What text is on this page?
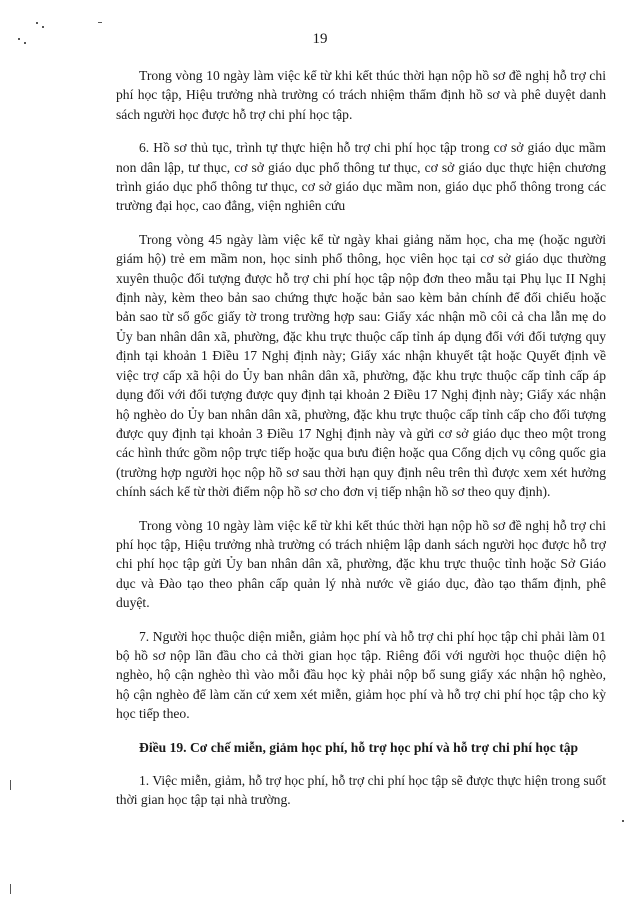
19

Trong vòng 10 ngày làm việc kể từ khi kết thúc thời hạn nộp hồ sơ đề nghị hỗ trợ chi phí học tập, Hiệu trưởng nhà trường có trách nhiệm thẩm định hồ sơ và phê duyệt danh sách người học được hỗ trợ chi phí học tập.

6. Hồ sơ thủ tục, trình tự thực hiện hỗ trợ chi phí học tập trong cơ sở giáo dục mầm non dân lập, tư thục, cơ sở giáo dục phổ thông tư thục, cơ sở giáo dục thực hiện chương trình giáo dục phổ thông tư thục, cơ sở giáo dục mầm non, giáo dục phổ thông trong các trường đại học, cao đẳng, viện nghiên cứu

Trong vòng 45 ngày làm việc kể từ ngày khai giảng năm học, cha mẹ (hoặc người giám hộ) trẻ em mầm non, học sinh phổ thông, học viên học tại cơ sở giáo dục thường xuyên thuộc đối tượng được hỗ trợ chi phí học tập nộp đơn theo mẫu tại Phụ lục II Nghị định này, kèm theo bản sao chứng thực hoặc bản sao kèm bản chính để đối chiếu hoặc bản sao từ sổ gốc giấy tờ trong trường hợp sau: Giấy xác nhận mồ côi cả cha lẫn mẹ do Ủy ban nhân dân xã, phường, đặc khu trực thuộc cấp tỉnh áp dụng đối với đối tượng quy định tại khoản 1 Điều 17 Nghị định này; Giấy xác nhận khuyết tật hoặc Quyết định về việc trợ cấp xã hội do Ủy ban nhân dân xã, phường, đặc khu trực thuộc cấp tỉnh cấp áp dụng đối với đối tượng được quy định tại khoản 2 Điều 17 Nghị định này; Giấy xác nhận hộ nghèo do Ủy ban nhân dân xã, phường, đặc khu trực thuộc cấp tỉnh cấp cho đối tượng được quy định tại khoản 3 Điều 17 Nghị định này và gửi cơ sở giáo dục theo một trong các hình thức gồm nộp trực tiếp hoặc qua bưu điện hoặc qua Cổng dịch vụ công quốc gia (trường hợp người học nộp hồ sơ sau thời hạn quy định nêu trên thì được xem xét hưởng chính sách kể từ thời điểm nộp hồ sơ cho đơn vị tiếp nhận hồ sơ theo quy định).

Trong vòng 10 ngày làm việc kể từ khi kết thúc thời hạn nộp hồ sơ đề nghị hỗ trợ chi phí học tập, Hiệu trưởng nhà trường có trách nhiệm lập danh sách người học được hỗ trợ chi phí học tập gửi Ủy ban nhân dân xã, phường, đặc khu trực thuộc tỉnh hoặc Sở Giáo dục và Đào tạo theo phân cấp quản lý nhà nước về giáo dục, đào tạo thẩm định, phê duyệt.

7. Người học thuộc diện miễn, giảm học phí và hỗ trợ chi phí học tập chỉ phải làm 01 bộ hồ sơ nộp lần đầu cho cả thời gian học tập. Riêng đối với người học thuộc diện hộ nghèo, hộ cận nghèo thì vào mỗi đầu học kỳ phải nộp bổ sung giấy xác nhận hộ nghèo, hộ cận nghèo để làm căn cứ xem xét miễn, giảm học phí và hỗ trợ chi phí học tập cho kỳ học tiếp theo.

Điều 19. Cơ chế miễn, giảm học phí, hỗ trợ học phí và hỗ trợ chi phí học tập

1. Việc miễn, giảm, hỗ trợ học phí, hỗ trợ chi phí học tập sẽ được thực hiện trong suốt thời gian học tập tại nhà trường.
